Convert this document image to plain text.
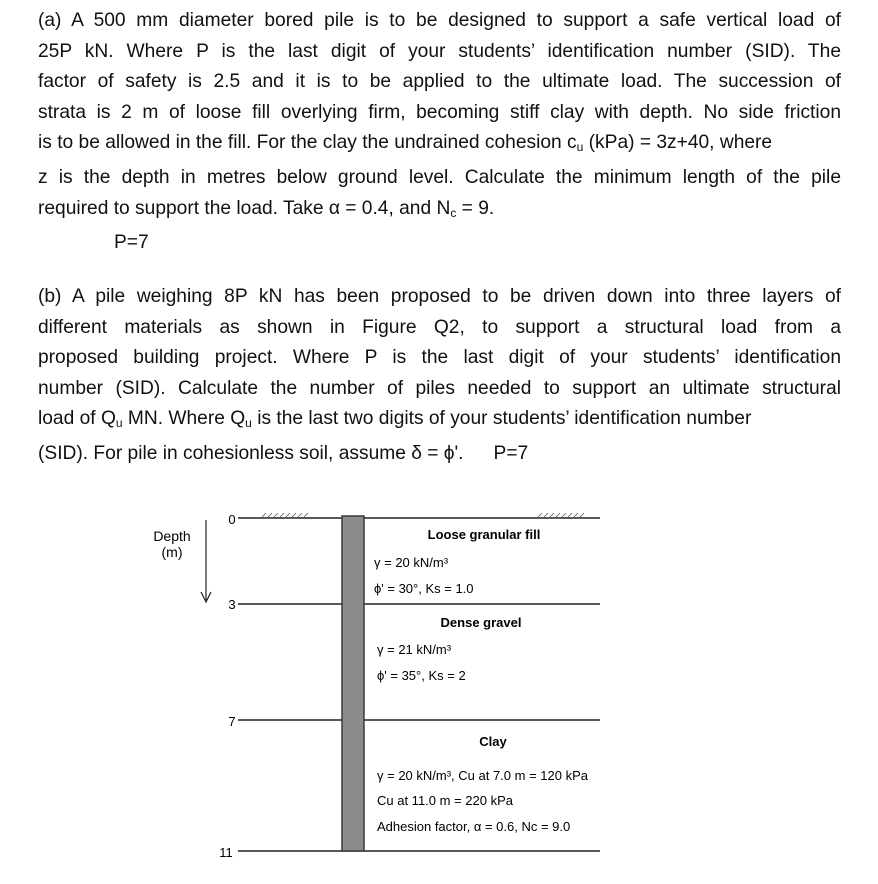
(a) A 500 mm diameter bored pile is to be designed to support a safe vertical load of
25P kN. Where P is the last digit of your students’ identification number (SID). The
factor of safety is 2.5 and it is to be applied to the ultimate load. The succession of
strata is 2 m of loose fill overlying firm, becoming stiff clay with depth. No side friction
is to be allowed in the fill. For the clay the undrained cohesion cu (kPa) = 3z+40, where
z is the depth in metres below ground level. Calculate the minimum length of the pile
required to support the load. Take α = 0.4, and Nc = 9.
P=7
(b) A pile weighing 8P kN has been proposed to be driven down into three layers of
different materials as shown in Figure Q2, to support a structural load from a
proposed building project. Where P is the last digit of your students’ identification
number (SID). Calculate the number of piles needed to support an ultimate structural
load of Qu MN. Where Qu is the last two digits of your students’ identification number
(SID). For pile in cohesionless soil, assume δ = ϕ'. P=7
Depth
(m)
0
3
7
11
Loose granular fill
γ = 20 kN/m³
ϕ' = 30°, Ks = 1.0
Dense gravel
γ = 21 kN/m³
ϕ' = 35°, Ks = 2
Clay
γ = 20 kN/m³, Cu at 7.0 m = 120 kPa
Cu at 11.0 m = 220 kPa
Adhesion factor, α = 0.6, Nc = 9.0
